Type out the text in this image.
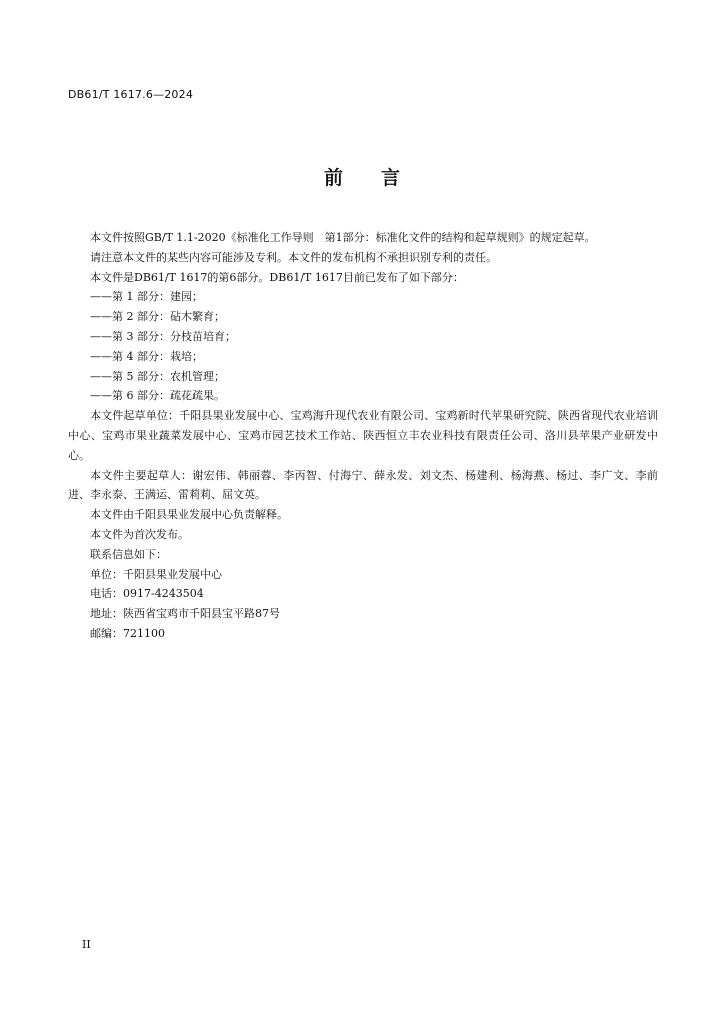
DB61/T 1617.6—2024
前 言

本文件按照GB/T 1.1-2020《标准化工作导则　第1部分：标准化文件的结构和起草规则》的规定起草。

请注意本文件的某些内容可能涉及专利。本文件的发布机构不承担识别专利的责任。

本文件是DB61/T 1617的第6部分。DB61/T 1617目前已发布了如下部分：

——第 1 部分：建园；

——第 2 部分：砧木繁育；

——第 3 部分：分枝苗培育；

——第 4 部分：栽培；

——第 5 部分：农机管理；

——第 6 部分：疏花疏果。

本文件起草单位：千阳县果业发展中心、宝鸡海升现代农业有限公司、宝鸡新时代苹果研究院、陕西省现代农业培训中心、宝鸡市果业蔬菜发展中心、宝鸡市园艺技术工作站、陕西恒立丰农业科技有限责任公司、洛川县苹果产业研发中心。

本文件主要起草人：谢宏伟、韩丽蓉、李丙智、付海宁、薛永发、刘文杰、杨建利、杨海燕、杨过、李广文、李前进、李永泰、王满运、雷莉莉、屈文英。

本文件由千阳县果业发展中心负责解释。

本文件为首次发布。

联系信息如下：

单位：千阳县果业发展中心

电话：0917-4243504

地址：陕西省宝鸡市千阳县宝平路87号

邮编：721100

II
